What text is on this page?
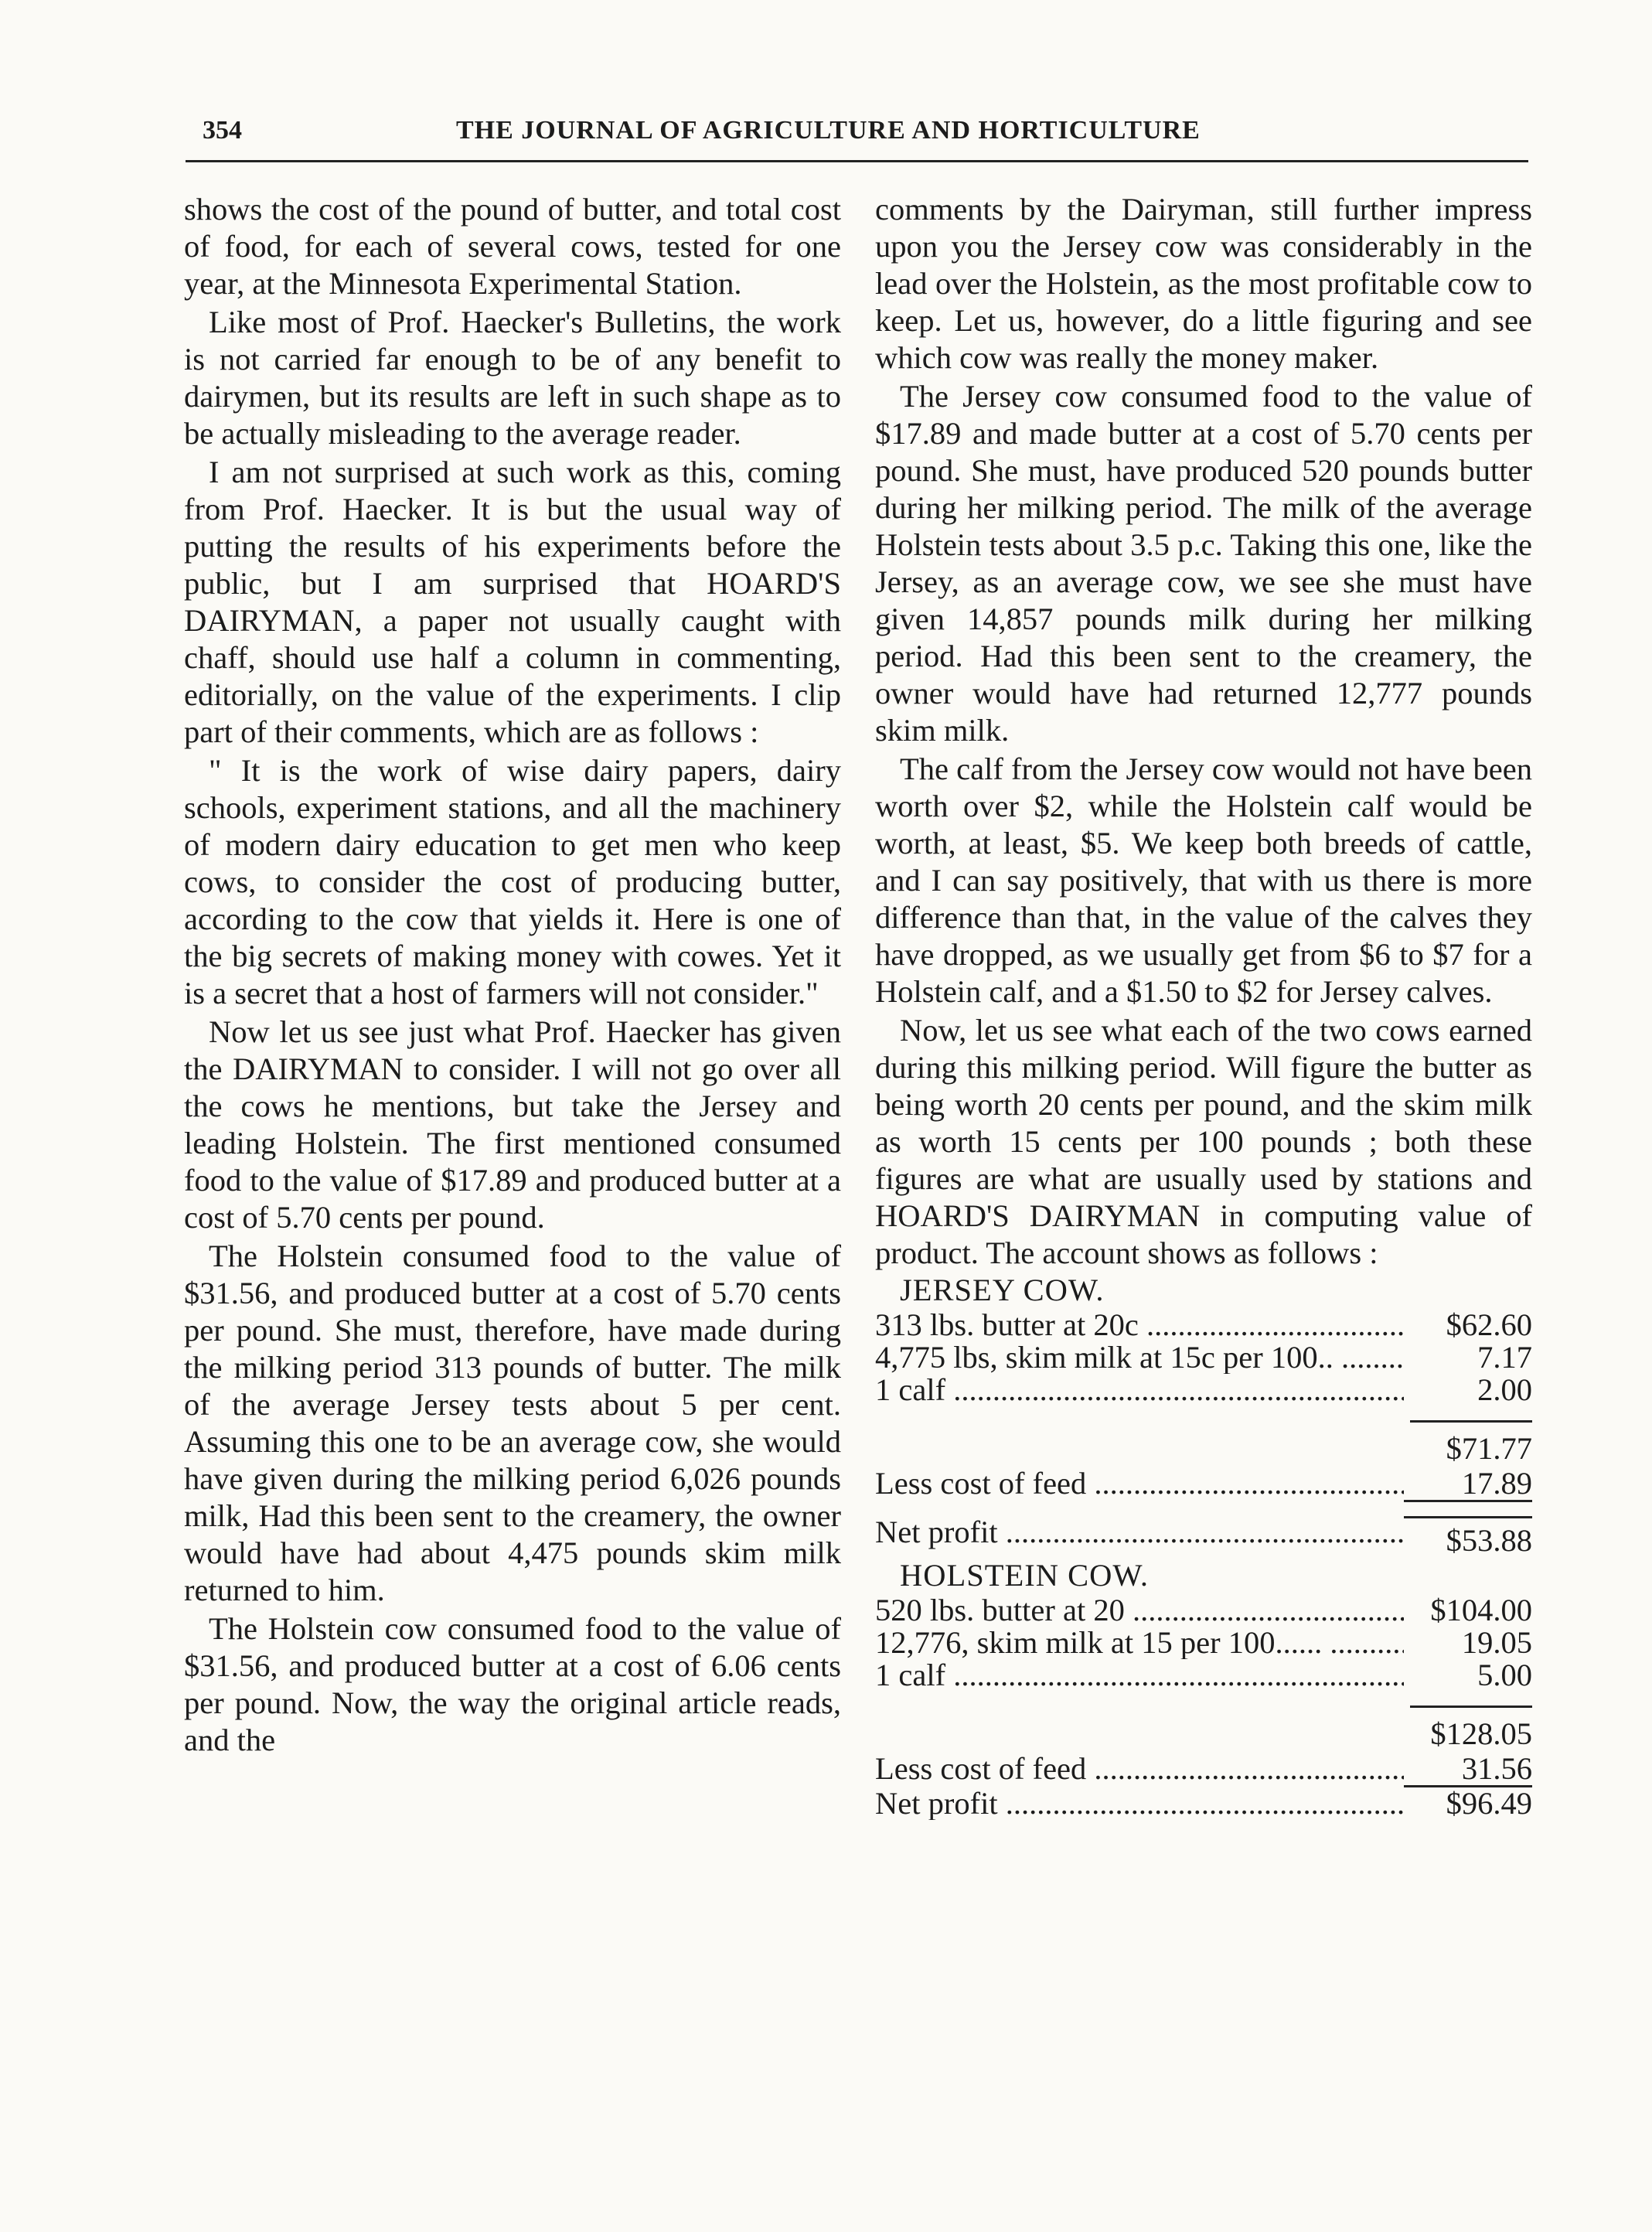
354	THE JOURNAL OF AGRICULTURE AND HORTICULTURE

shows the cost of the pound of butter, and total cost of food, for each of several cows, tested for one year, at the Minnesota Experimental Station.

Like most of Prof. Haecker's Bulletins, the work is not carried far enough to be of any benefit to dairymen, but its results are left in such shape as to be actually misleading to the average reader.

I am not surprised at such work as this, coming from Prof. Haecker. It is but the usual way of putting the results of his experiments before the public, but I am surprised that HOARD'S DAIRYMAN, a paper not usually caught with chaff, should use half a column in commenting, editorially, on the value of the experiments. I clip part of their comments, which are as follows :

" It is the work of wise dairy papers, dairy schools, experiment stations, and all the machinery of modern dairy education to get men who keep cows, to consider the cost of producing butter, according to the cow that yields it. Here is one of the big secrets of making money with cowes. Yet it is a secret that a host of farmers will not consider."

Now let us see just what Prof. Haecker has given the DAIRYMAN to consider. I will not go over all the cows he mentions, but take the Jersey and leading Holstein. The first mentioned consumed food to the value of $17.89 and produced butter at a cost of 5.70 cents per pound.

The Holstein consumed food to the value of $31.56, and produced butter at a cost of 5.70 cents per pound. She must, therefore, have made during the milking period 313 pounds of butter. The milk of the average Jersey tests about 5 per cent. Assuming this one to be an average cow, she would have given during the milking period 6,026 pounds milk, Had this been sent to the creamery, the owner would have had about 4,475 pounds skim milk returned to him.

The Holstein cow consumed food to the value of $31.56, and produced butter at a cost of 6.06 cents per pound. Now, the way the original article reads, and the

comments by the Dairyman, still further impress upon you the Jersey cow was considerably in the lead over the Holstein, as the most profitable cow to keep. Let us, however, do a little figuring and see which cow was really the money maker.

The Jersey cow consumed food to the value of $17.89 and made butter at a cost of 5.70 cents per pound. She must, have produced 520 pounds butter during her milking period. The milk of the average Holstein tests about 3.5 p.c. Taking this one, like the Jersey, as an average cow, we see she must have given 14,857 pounds milk during her milking period. Had this been sent to the creamery, the owner would have had returned 12,777 pounds skim milk.

The calf from the Jersey cow would not have been worth over $2, while the Holstein calf would be worth, at least, $5. We keep both breeds of cattle, and I can say positively, that with us there is more difference than that, in the value of the calves they have dropped, as we usually get from $6 to $7 for a Holstein calf, and a $1.50 to $2 for Jersey calves.

Now, let us see what each of the two cows earned during this milking period. Will figure the butter as being worth 20 cents per pound, and the skim milk as worth 15 cents per 100 pounds ; both these figures are what are usually used by stations and HOARD'S DAIRYMAN in computing value of product. The account shows as follows :

JERSEY COW.

313 lbs. butter at 20c .....	$62.60
4,775 lbs, skim milk at 15c per 100.. .....	7.17
1 calf .....	2.00
$71.77
Less cost of feed .....	17.89
Net profit .....	$53.88

HOLSTEIN COW.

520 lbs. butter at 20 .....	$104.00
12,776, skim milk at 15 per 100...... .....	19.05
1 calf .....	5.00
$128.05
Less cost of feed .....	31.56
Net profit .....	$96.49
